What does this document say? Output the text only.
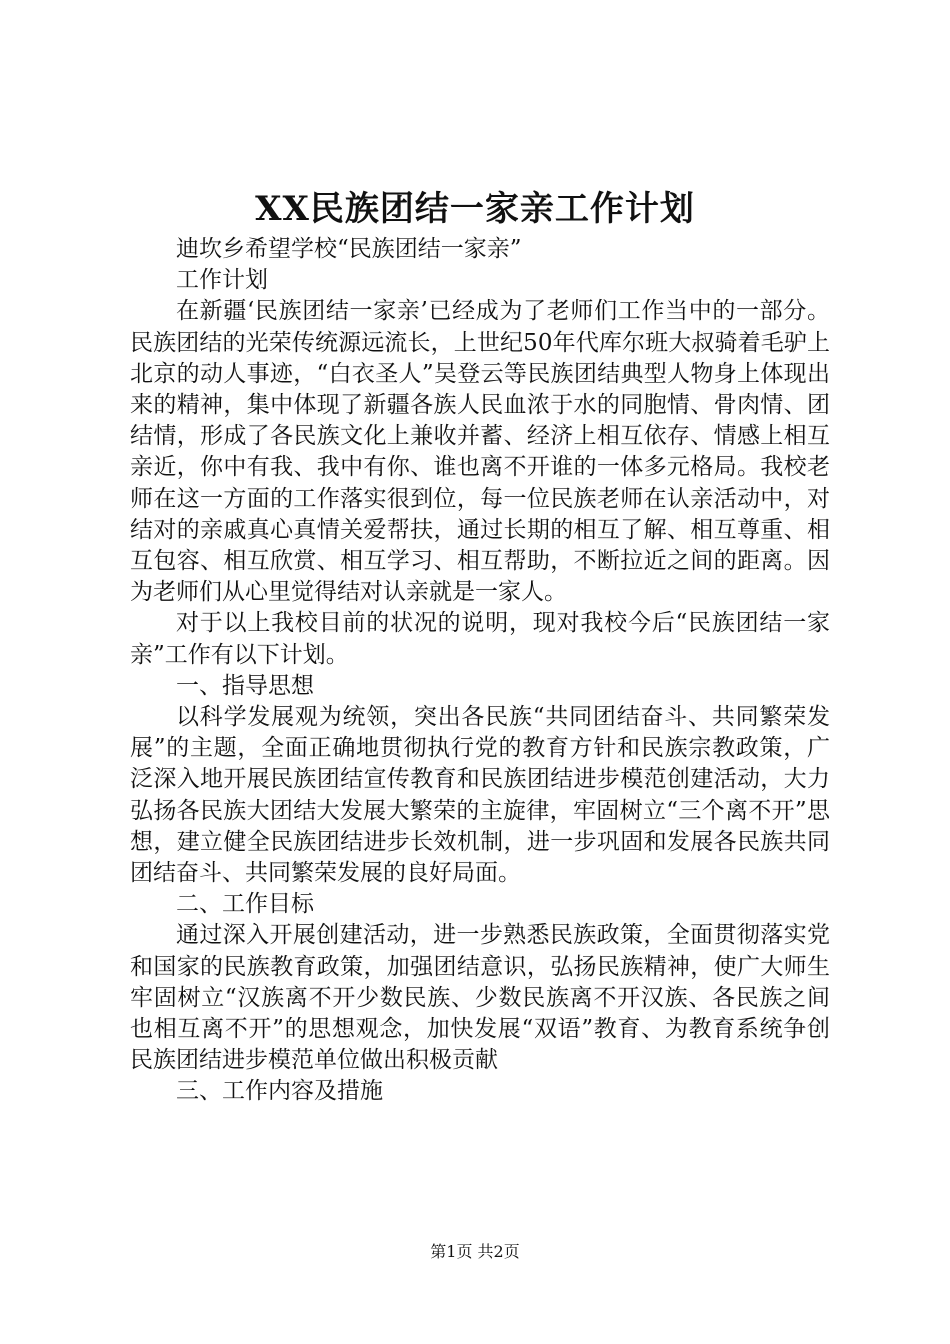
XX民族团结一家亲工作计划

迪坎乡希望学校“民族团结一家亲”

工作计划

在新疆‘民族团结一家亲’已经成为了老师们工作当中的一部分。民族团结的光荣传统源远流长，上世纪50年代库尔班大叔骑着毛驴上北京的动人事迹，“白衣圣人”吴登云等民族团结典型人物身上体现出来的精神，集中体现了新疆各族人民血浓于水的同胞情、骨肉情、团结情，形成了各民族文化上兼收并蓄、经济上相互依存、情感上相互亲近，你中有我、我中有你、谁也离不开谁的一体多元格局。我校老师在这一方面的工作落实很到位，每一位民族老师在认亲活动中，对结对的亲戚真心真情关爱帮扶，通过长期的相互了解、相互尊重、相互包容、相互欣赏、相互学习、相互帮助，不断拉近之间的距离。因为老师们从心里觉得结对认亲就是一家人。

对于以上我校目前的状况的说明，现对我校今后“民族团结一家亲”工作有以下计划。

一、指导思想

以科学发展观为统领，突出各民族“共同团结奋斗、共同繁荣发展”的主题，全面正确地贯彻执行党的教育方针和民族宗教政策，广泛深入地开展民族团结宣传教育和民族团结进步模范创建活动，大力弘扬各民族大团结大发展大繁荣的主旋律，牢固树立“三个离不开”思想，建立健全民族团结进步长效机制，进一步巩固和发展各民族共同团结奋斗、共同繁荣发展的良好局面。

二、工作目标

通过深入开展创建活动，进一步熟悉民族政策，全面贯彻落实党和国家的民族教育政策，加强团结意识，弘扬民族精神，使广大师生牢固树立“汉族离不开少数民族、少数民族离不开汉族、各民族之间也相互离不开”的思想观念，加快发展“双语”教育、为教育系统争创民族团结进步模范单位做出积极贡献

三、工作内容及措施

第1页 共2页
